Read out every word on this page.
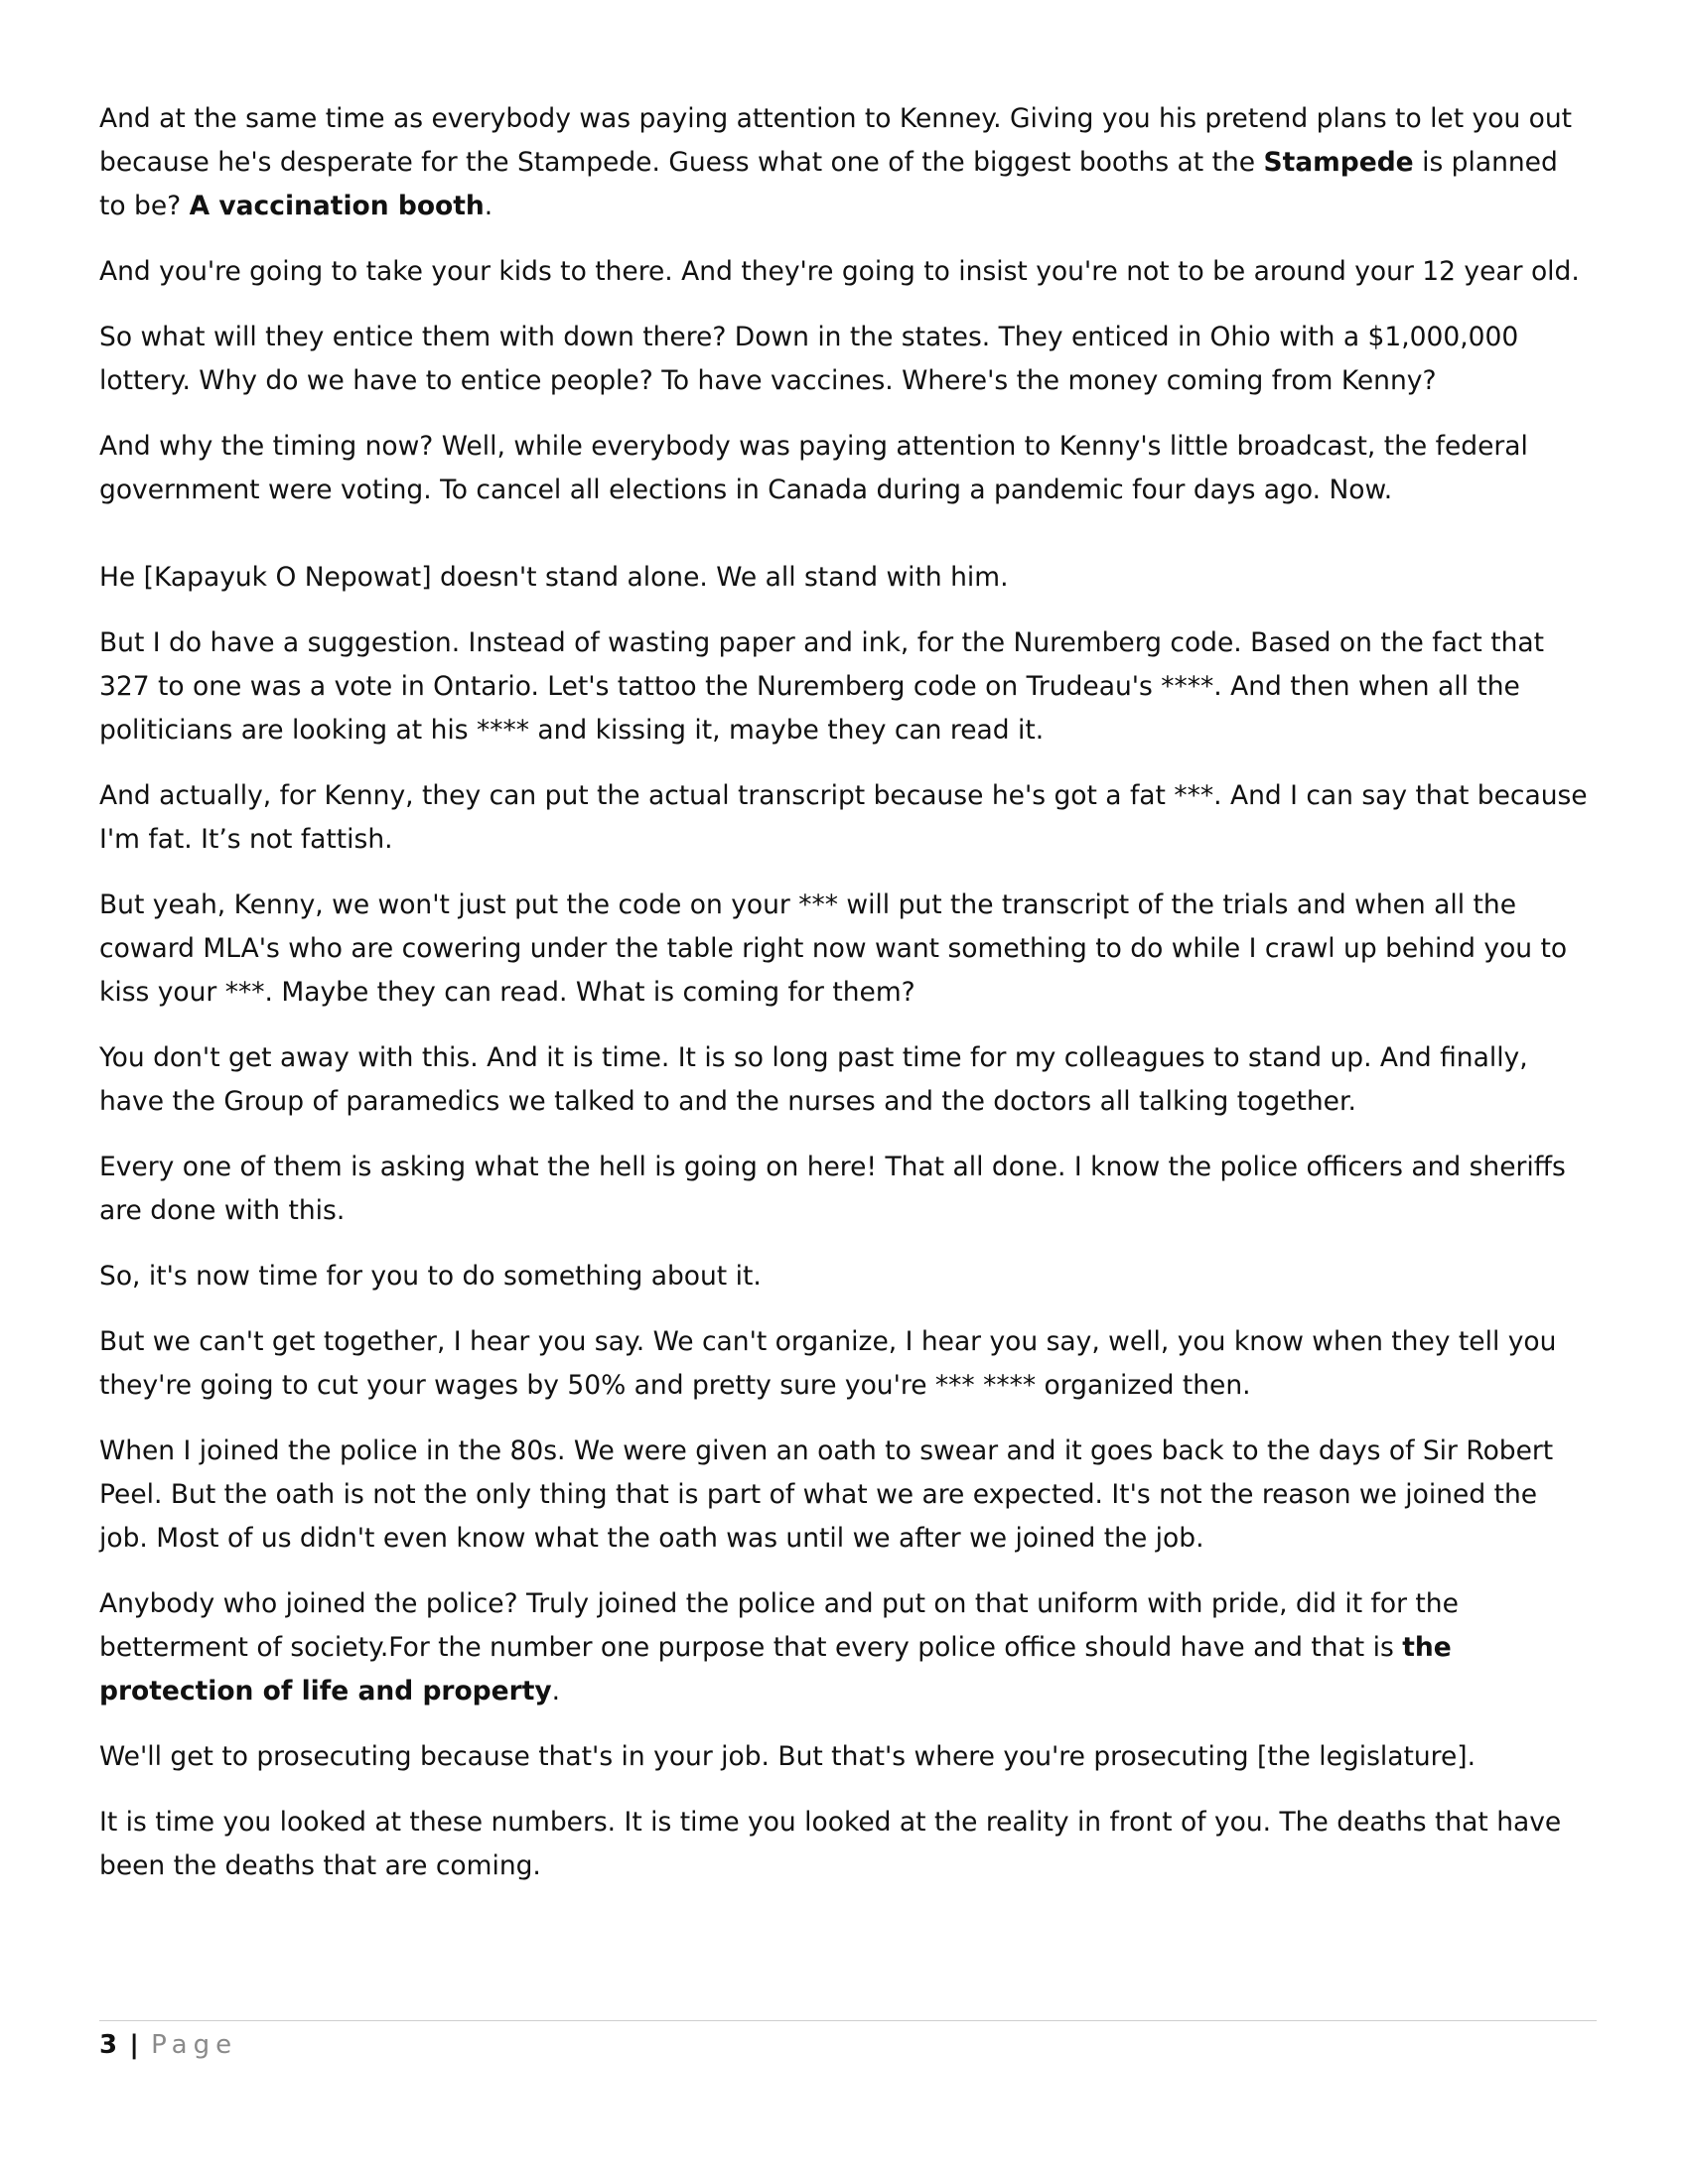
And at the same time as everybody was paying attention to Kenney. Giving you his pretend plans to let you out because he's desperate for the Stampede. Guess what one of the biggest booths at the Stampede is planned to be? A vaccination booth.

And you're going to take your kids to there. And they're going to insist you're not to be around your 12 year old.

So what will they entice them with down there? Down in the states. They enticed in Ohio with a $1,000,000 lottery. Why do we have to entice people? To have vaccines. Where's the money coming from Kenny?

And why the timing now? Well, while everybody was paying attention to Kenny's little broadcast, the federal government were voting. To cancel all elections in Canada during a pandemic four days ago. Now.

He [Kapayuk O Nepowat] doesn't stand alone. We all stand with him.

But I do have a suggestion. Instead of wasting paper and ink, for the Nuremberg code. Based on the fact that 327 to one was a vote in Ontario. Let's tattoo the Nuremberg code on Trudeau's ****. And then when all the politicians are looking at his **** and kissing it, maybe they can read it.

And actually, for Kenny, they can put the actual transcript because he's got a fat ***. And I can say that because I'm fat. It’s not fattish.

But yeah, Kenny, we won't just put the code on your *** will put the transcript of the trials and when all the coward MLA's who are cowering under the table right now want something to do while I crawl up behind you to kiss your ***. Maybe they can read. What is coming for them?

You don't get away with this. And it is time. It is so long past time for my colleagues to stand up. And finally, have the Group of paramedics we talked to and the nurses and the doctors all talking together.

Every one of them is asking what the hell is going on here! That all done. I know the police officers and sheriffs are done with this.

So, it's now time for you to do something about it.

But we can't get together, I hear you say. We can't organize, I hear you say, well, you know when they tell you they're going to cut your wages by 50% and pretty sure you're *** **** organized then.

When I joined the police in the 80s. We were given an oath to swear and it goes back to the days of Sir Robert Peel. But the oath is not the only thing that is part of what we are expected. It's not the reason we joined the job. Most of us didn't even know what the oath was until we after we joined the job.

Anybody who joined the police? Truly joined the police and put on that uniform with pride, did it for the betterment of society.For the number one purpose that every police office should have and that is the protection of life and property.

We'll get to prosecuting because that's in your job. But that's where you're prosecuting [the legislature].

It is time you looked at these numbers. It is time you looked at the reality in front of you. The deaths that have been the deaths that are coming.

3 | Page
